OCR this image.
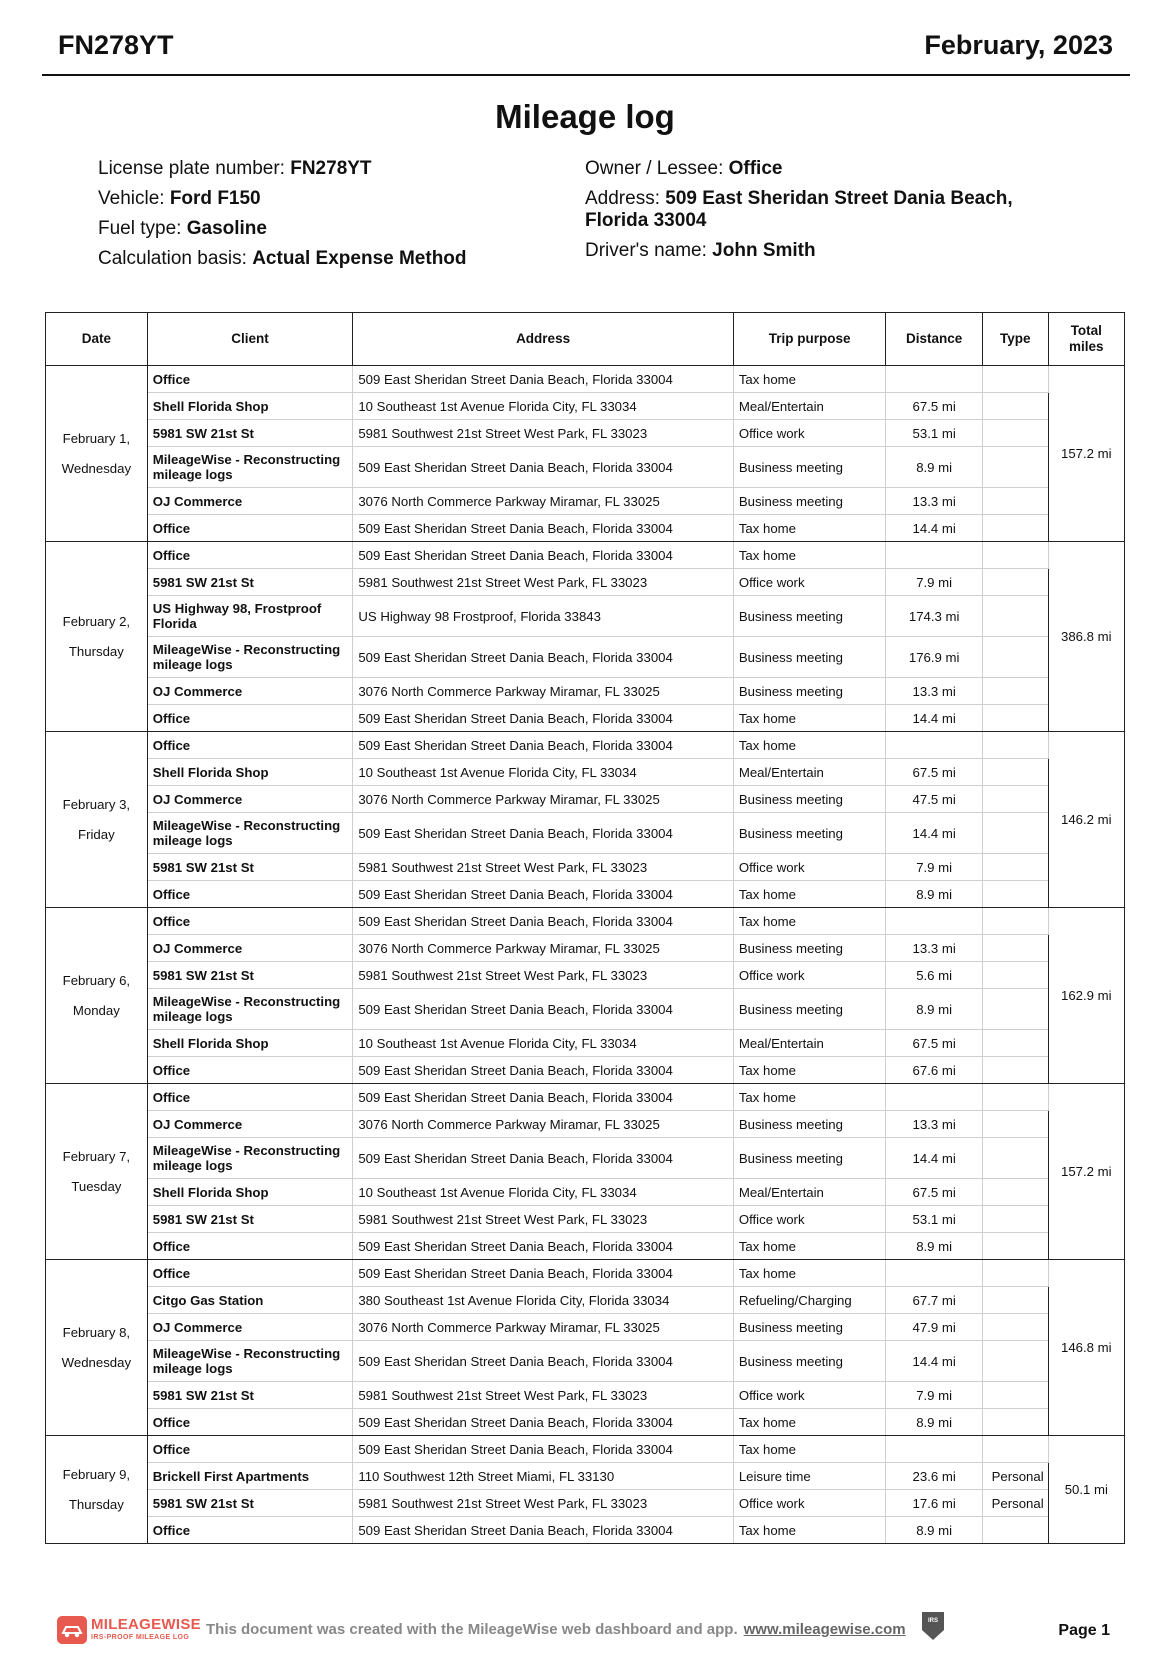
FN278YT	February, 2023
Mileage log
License plate number: FN278YT
Vehicle: Ford F150
Fuel type: Gasoline
Calculation basis: Actual Expense Method
Owner / Lessee: Office
Address: 509 East Sheridan Street Dania Beach, Florida 33004
Driver's name: John Smith
Date	Client	Address	Trip purpose	Distance	Type	Total miles

February 1,
Wednesday	Office	509 East Sheridan Street Dania Beach, Florida 33004	Tax home			157.2 mi
	Shell Florida Shop	10 Southeast 1st Avenue Florida City, FL 33034	Meal/Entertain	67.5 mi		
	5981 SW 21st St	5981 Southwest 21st Street West Park, FL 33023	Office work	53.1 mi		
	MileageWise - Reconstructing mileage logs	509 East Sheridan Street Dania Beach, Florida 33004	Business meeting	8.9 mi		
	OJ Commerce	3076 North Commerce Parkway Miramar, FL 33025	Business meeting	13.3 mi		
	Office	509 East Sheridan Street Dania Beach, Florida 33004	Tax home	14.4 mi		

February 2,
Thursday	Office	509 East Sheridan Street Dania Beach, Florida 33004	Tax home			386.8 mi
	5981 SW 21st St	5981 Southwest 21st Street West Park, FL 33023	Office work	7.9 mi		
	US Highway 98, Frostproof Florida	US Highway 98 Frostproof, Florida 33843	Business meeting	174.3 mi		
	MileageWise - Reconstructing mileage logs	509 East Sheridan Street Dania Beach, Florida 33004	Business meeting	176.9 mi		
	OJ Commerce	3076 North Commerce Parkway Miramar, FL 33025	Business meeting	13.3 mi		
	Office	509 East Sheridan Street Dania Beach, Florida 33004	Tax home	14.4 mi		

February 3,
Friday	Office	509 East Sheridan Street Dania Beach, Florida 33004	Tax home			146.2 mi
	Shell Florida Shop	10 Southeast 1st Avenue Florida City, FL 33034	Meal/Entertain	67.5 mi		
	OJ Commerce	3076 North Commerce Parkway Miramar, FL 33025	Business meeting	47.5 mi		
	MileageWise - Reconstructing mileage logs	509 East Sheridan Street Dania Beach, Florida 33004	Business meeting	14.4 mi		
	5981 SW 21st St	5981 Southwest 21st Street West Park, FL 33023	Office work	7.9 mi		
	Office	509 East Sheridan Street Dania Beach, Florida 33004	Tax home	8.9 mi		

February 6,
Monday	Office	509 East Sheridan Street Dania Beach, Florida 33004	Tax home			162.9 mi
	OJ Commerce	3076 North Commerce Parkway Miramar, FL 33025	Business meeting	13.3 mi		
	5981 SW 21st St	5981 Southwest 21st Street West Park, FL 33023	Office work	5.6 mi		
	MileageWise - Reconstructing mileage logs	509 East Sheridan Street Dania Beach, Florida 33004	Business meeting	8.9 mi		
	Shell Florida Shop	10 Southeast 1st Avenue Florida City, FL 33034	Meal/Entertain	67.5 mi		
	Office	509 East Sheridan Street Dania Beach, Florida 33004	Tax home	67.6 mi		

February 7,
Tuesday	Office	509 East Sheridan Street Dania Beach, Florida 33004	Tax home			157.2 mi
	OJ Commerce	3076 North Commerce Parkway Miramar, FL 33025	Business meeting	13.3 mi		
	MileageWise - Reconstructing mileage logs	509 East Sheridan Street Dania Beach, Florida 33004	Business meeting	14.4 mi		
	Shell Florida Shop	10 Southeast 1st Avenue Florida City, FL 33034	Meal/Entertain	67.5 mi		
	5981 SW 21st St	5981 Southwest 21st Street West Park, FL 33023	Office work	53.1 mi		
	Office	509 East Sheridan Street Dania Beach, Florida 33004	Tax home	8.9 mi		

February 8,
Wednesday	Office	509 East Sheridan Street Dania Beach, Florida 33004	Tax home			146.8 mi
	Citgo Gas Station	380 Southeast 1st Avenue Florida City, Florida 33034	Refueling/Charging	67.7 mi		
	OJ Commerce	3076 North Commerce Parkway Miramar, FL 33025	Business meeting	47.9 mi		
	MileageWise - Reconstructing mileage logs	509 East Sheridan Street Dania Beach, Florida 33004	Business meeting	14.4 mi		
	5981 SW 21st St	5981 Southwest 21st Street West Park, FL 33023	Office work	7.9 mi		
	Office	509 East Sheridan Street Dania Beach, Florida 33004	Tax home	8.9 mi		

February 9,
Thursday	Office	509 East Sheridan Street Dania Beach, Florida 33004	Tax home			50.1 mi
	Brickell First Apartments	110 Southwest 12th Street Miami, FL 33130	Leisure time	23.6 mi	Personal	
	5981 SW 21st St	5981 Southwest 21st Street West Park, FL 33023	Office work	17.6 mi	Personal	
	Office	509 East Sheridan Street Dania Beach, Florida 33004	Tax home	8.9 mi		
MILEAGEWISE
IRS-PROOF MILEAGE LOG This document was created with the MileageWise web dashboard and app. www.mileagewise.com	IRS
Page 1
